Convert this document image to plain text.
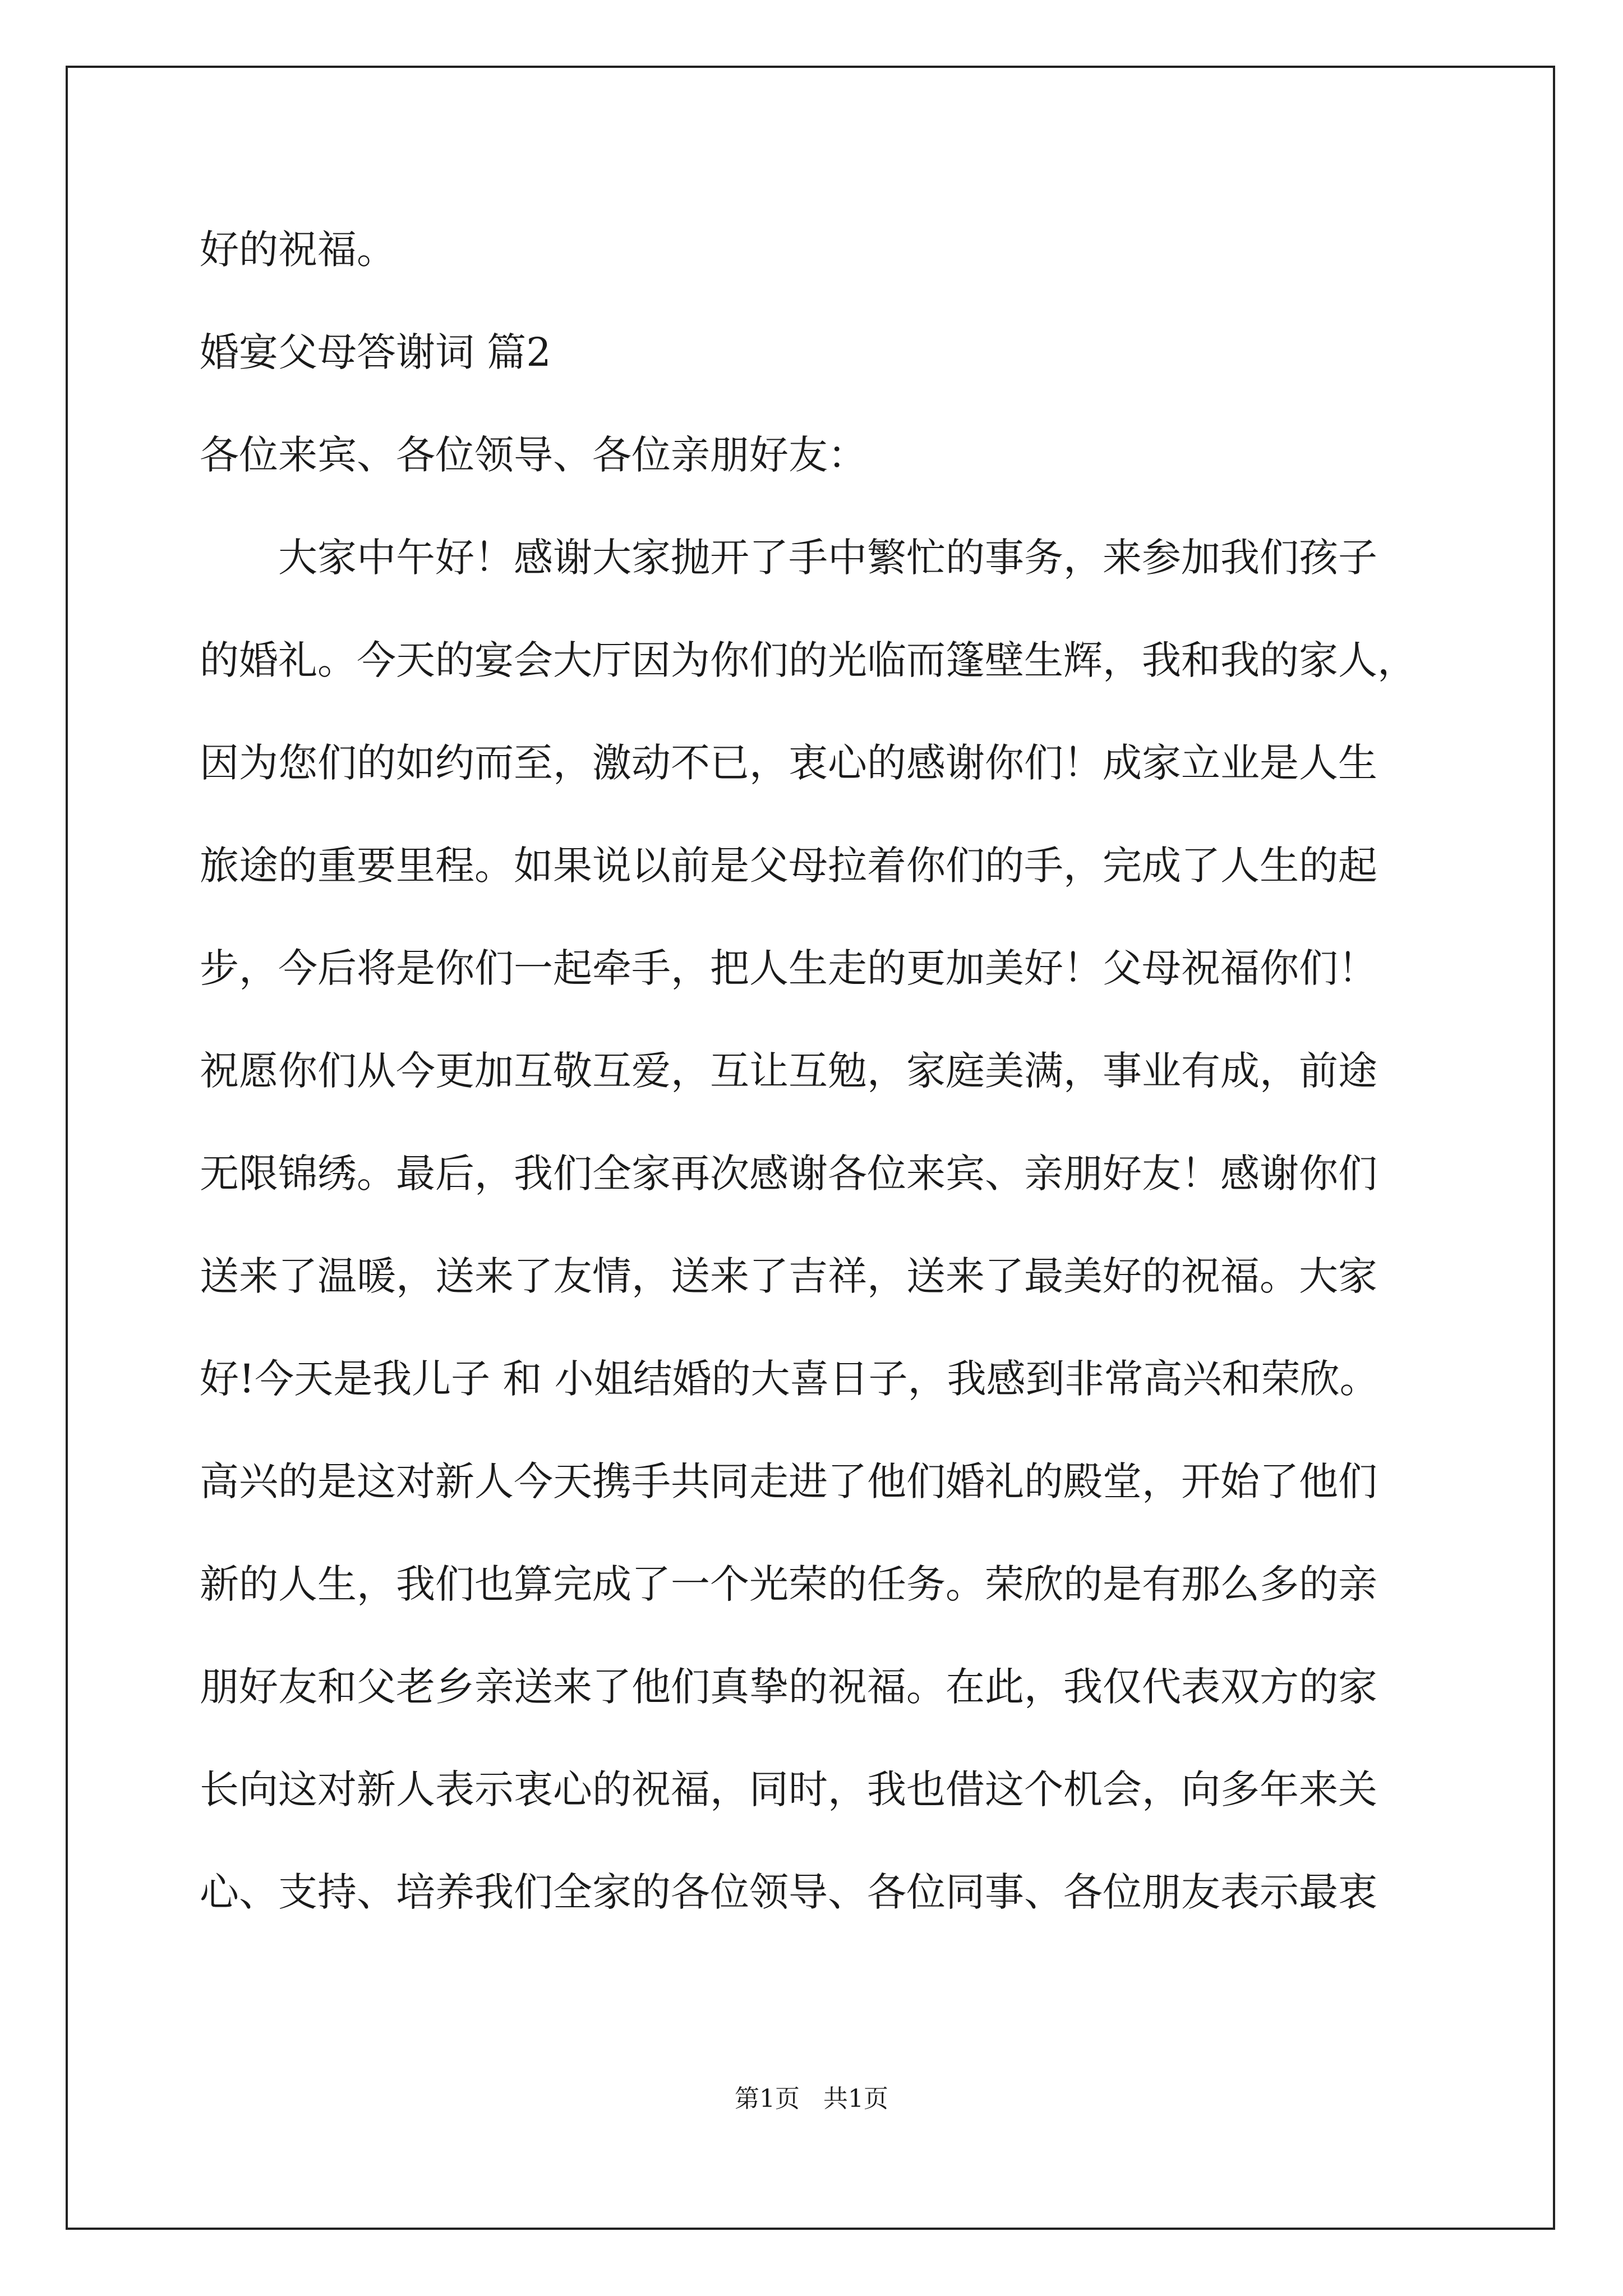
好的祝福。

婚宴父母答谢词 篇2

各位来宾、各位领导、各位亲朋好友：

大家中午好！感谢大家抛开了手中繁忙的事务，来参加我们孩子

的婚礼。今天的宴会大厅因为你们的光临而篷壁生辉，我和我的家人，

因为您们的如约而至，激动不已，衷心的感谢你们！成家立业是人生

旅途的重要里程。如果说以前是父母拉着你们的手，完成了人生的起

步，今后将是你们一起牵手，把人生走的更加美好！父母祝福你们！

祝愿你们从今更加互敬互爱，互让互勉，家庭美满，事业有成，前途

无限锦绣。最后，我们全家再次感谢各位来宾、亲朋好友！感谢你们

送来了温暖，送来了友情，送来了吉祥，送来了最美好的祝福。大家

好!今天是我儿子 和 小姐结婚的大喜日子，我感到非常高兴和荣欣。

高兴的是这对新人今天携手共同走进了他们婚礼的殿堂，开始了他们

新的人生，我们也算完成了一个光荣的任务。荣欣的是有那么多的亲

朋好友和父老乡亲送来了他们真挚的祝福。在此，我仅代表双方的家

长向这对新人表示衷心的祝福，同时，我也借这个机会，向多年来关

心、支持、培养我们全家的各位领导、各位同事、各位朋友表示最衷

第1页   共1页
